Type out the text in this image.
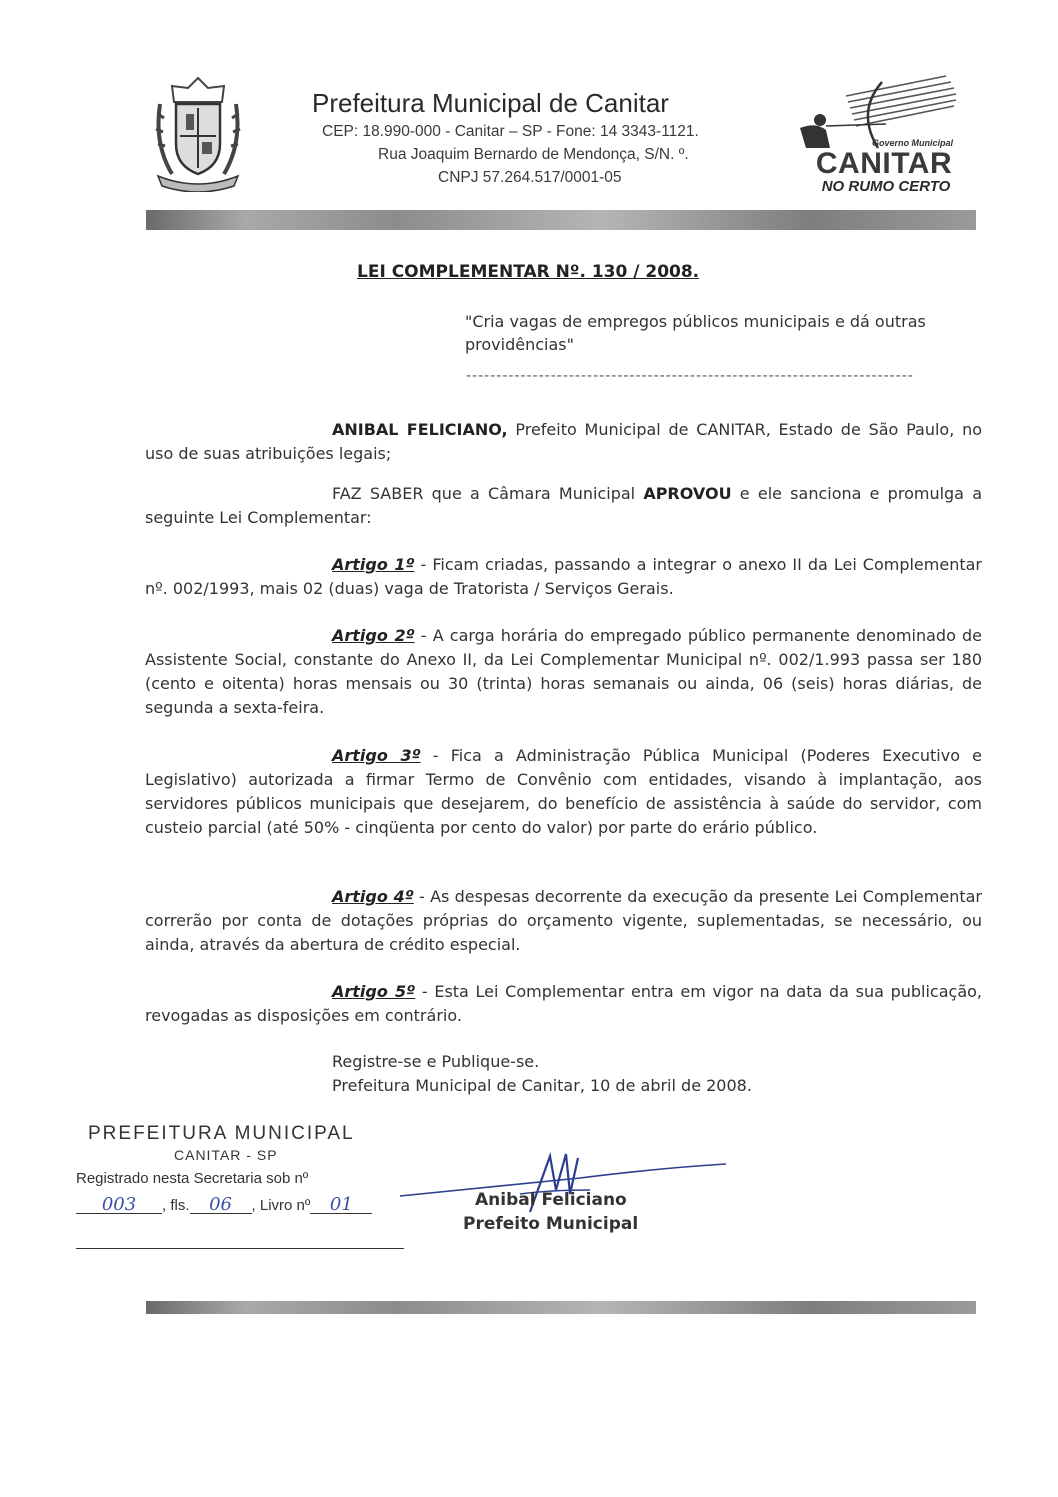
Prefeitura Municipal de Canitar
CEP: 18.990-000 - Canitar – SP - Fone: 14 3343-1121.
Rua Joaquim Bernardo de Mendonça, S/N. º.
CNPJ 57.264.517/0001-05
Governo Municipal
CANITAR
NO RUMO CERTO
LEI COMPLEMENTAR Nº. 130 / 2008.
"Cria vagas de empregos públicos municipais e dá outras providências"
--------------------------------------------------------------------------

ANIBAL FELICIANO, Prefeito Municipal de CANITAR, Estado de São Paulo, no uso de suas atribuições legais;

FAZ SABER que a Câmara Municipal APROVOU e ele sanciona e promulga a seguinte Lei Complementar:

Artigo 1º - Ficam criadas, passando a integrar o anexo II da Lei Complementar nº. 002/1993, mais 02 (duas) vaga de Tratorista / Serviços Gerais.

Artigo 2º - A carga horária do empregado público permanente denominado de Assistente Social, constante do Anexo II, da Lei Complementar Municipal nº. 002/1.993 passa ser 180 (cento e oitenta) horas mensais ou 30 (trinta) horas semanais ou ainda, 06 (seis) horas diárias, de segunda a sexta-feira.

Artigo 3º - Fica a Administração Pública Municipal (Poderes Executivo e Legislativo) autorizada a firmar Termo de Convênio com entidades, visando à implantação, aos servidores públicos municipais que desejarem, do benefício de assistência à saúde do servidor, com custeio parcial (até 50% - cinqüenta por cento do valor) por parte do erário público.

Artigo 4º - As despesas decorrente da execução da presente Lei Complementar correrão por conta de dotações próprias do orçamento vigente, suplementadas, se necessário, ou ainda, através da abertura de crédito especial.

Artigo 5º - Esta Lei Complementar entra em vigor na data da sua publicação, revogadas as disposições em contrário.

Registre-se e Publique-se.
Prefeitura Municipal de Canitar, 10 de abril de 2008.
PREFEITURA MUNICIPAL
CANITAR - SP
Registrado nesta Secretaria sob nº
003 , fls. 06 , Livro nº 01	Anibal Feliciano
Prefeito Municipal
